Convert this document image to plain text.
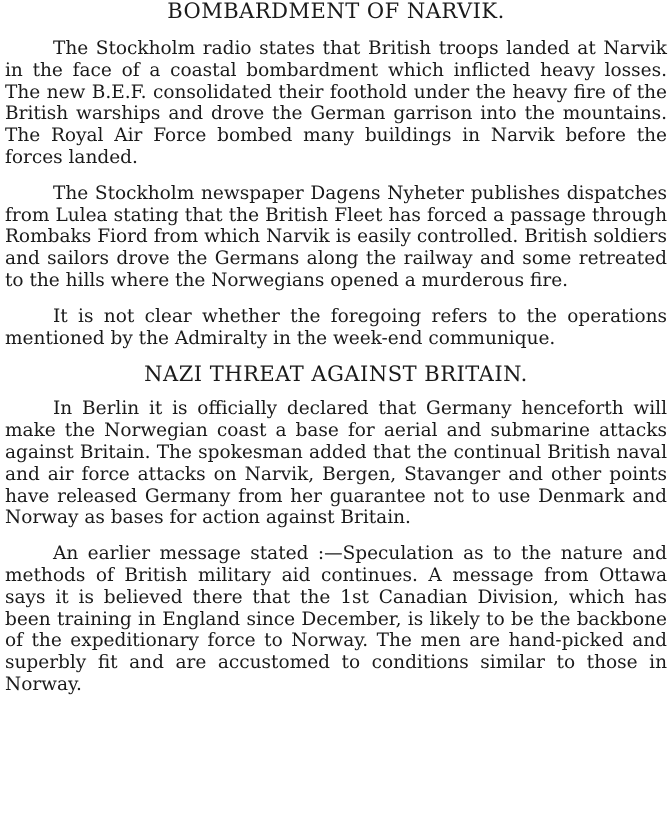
BOMBARDMENT OF NARVIK.

The Stockholm radio states that British troops landed at Narvik in the face of a coastal bombardment which inflicted heavy losses. The new B.E.F. consolidated their foothold under the heavy fire of the British warships and drove the German garrison into the mountains. The Royal Air Force bombed many buildings in Narvik before the forces landed.

The Stockholm newspaper Dagens Nyheter publishes dispatches from Lulea stating that the British Fleet has forced a passage through Rombaks Fiord from which Narvik is easily controlled. British soldiers and sailors drove the Germans along the railway and some retreated to the hills where the Norwegians opened a murderous fire.

It is not clear whether the foregoing refers to the operations mentioned by the Admiralty in the week-end communique.

NAZI THREAT AGAINST BRITAIN.

In Berlin it is officially declared that Germany henceforth will make the Norwegian coast a base for aerial and submarine attacks against Britain. The spokesman added that the continual British naval and air force attacks on Narvik, Bergen, Stavanger and other points have released Germany from her guarantee not to use Denmark and Norway as bases for action against Britain.

An earlier message stated :—Speculation as to the nature and methods of British military aid continues. A message from Ottawa says it is believed there that the 1st Canadian Division, which has been training in England since December, is likely to be the backbone of the expeditionary force to Norway. The men are hand-picked and superbly fit and are accustomed to conditions similar to those in Norway.
